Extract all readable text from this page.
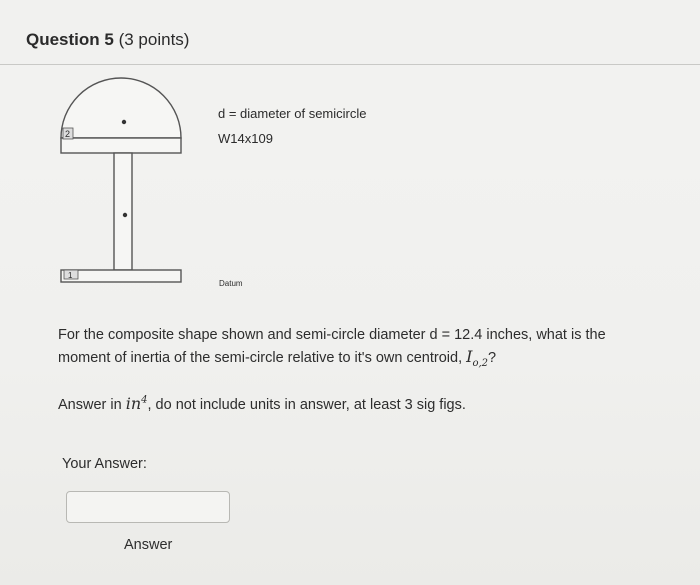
Question 5 (3 points)
2
1
d = diameter of semicircle
W14x109
Datum
For the composite shape shown and semi-circle diameter d = 12.4 inches, what is the
moment of inertia of the semi-circle relative to it's own centroid, $I_{o,2}$?
Answer in $in^4$, do not include units in answer, at least 3 sig figs.
Your Answer:
Answer
